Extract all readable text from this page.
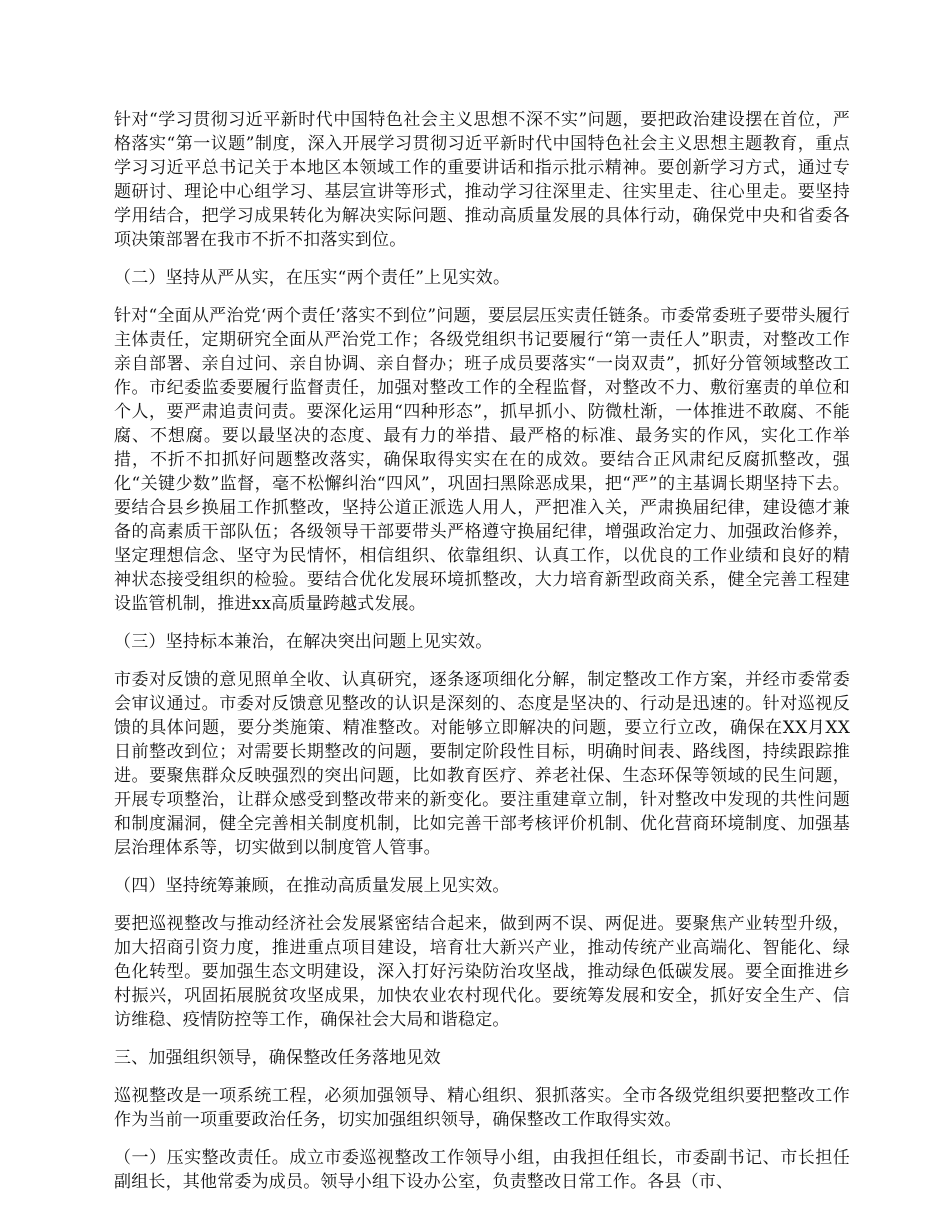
针对“学习贯彻习近平新时代中国特色社会主义思想不深不实”问题，要把政治建设摆在首位，严格落实“第一议题”制度，深入开展学习贯彻习近平新时代中国特色社会主义思想主题教育，重点学习习近平总书记关于本地区本领域工作的重要讲话和指示批示精神。要创新学习方式，通过专题研讨、理论中心组学习、基层宣讲等形式，推动学习往深里走、往实里走、往心里走。要坚持学用结合，把学习成果转化为解决实际问题、推动高质量发展的具体行动，确保党中央和省委各项决策部署在我市不折不扣落实到位。

（二）坚持从严从实，在压实“两个责任”上见实效。

针对“全面从严治党‘两个责任’落实不到位”问题，要层层压实责任链条。市委常委班子要带头履行主体责任，定期研究全面从严治党工作；各级党组织书记要履行“第一责任人”职责，对整改工作亲自部署、亲自过问、亲自协调、亲自督办；班子成员要落实“一岗双责”，抓好分管领域整改工作。市纪委监委要履行监督责任，加强对整改工作的全程监督，对整改不力、敷衍塞责的单位和个人，要严肃追责问责。要深化运用“四种形态”，抓早抓小、防微杜渐，一体推进不敢腐、不能腐、不想腐。要以最坚决的态度、最有力的举措、最严格的标准、最务实的作风，实化工作举措，不折不扣抓好问题整改落实，确保取得实实在在的成效。要结合正风肃纪反腐抓整改，强化“关键少数”监督，毫不松懈纠治“四风”，巩固扫黑除恶成果，把“严”的主基调长期坚持下去。要结合县乡换届工作抓整改，坚持公道正派选人用人，严把准入关，严肃换届纪律，建设德才兼备的高素质干部队伍；各级领导干部要带头严格遵守换届纪律，增强政治定力、加强政治修养，坚定理想信念、坚守为民情怀，相信组织、依靠组织、认真工作，以优良的工作业绩和良好的精神状态接受组织的检验。要结合优化发展环境抓整改，大力培育新型政商关系，健全完善工程建设监管机制，推进xx高质量跨越式发展。

（三）坚持标本兼治，在解决突出问题上见实效。

市委对反馈的意见照单全收、认真研究，逐条逐项细化分解，制定整改工作方案，并经市委常委会审议通过。市委对反馈意见整改的认识是深刻的、态度是坚决的、行动是迅速的。针对巡视反馈的具体问题，要分类施策、精准整改。对能够立即解决的问题，要立行立改，确保在XX月XX日前整改到位；对需要长期整改的问题，要制定阶段性目标，明确时间表、路线图，持续跟踪推进。要聚焦群众反映强烈的突出问题，比如教育医疗、养老社保、生态环保等领域的民生问题，开展专项整治，让群众感受到整改带来的新变化。要注重建章立制，针对整改中发现的共性问题和制度漏洞，健全完善相关制度机制，比如完善干部考核评价机制、优化营商环境制度、加强基层治理体系等，切实做到以制度管人管事。

（四）坚持统筹兼顾，在推动高质量发展上见实效。

要把巡视整改与推动经济社会发展紧密结合起来，做到两不误、两促进。要聚焦产业转型升级，加大招商引资力度，推进重点项目建设，培育壮大新兴产业，推动传统产业高端化、智能化、绿色化转型。要加强生态文明建设，深入打好污染防治攻坚战，推动绿色低碳发展。要全面推进乡村振兴，巩固拓展脱贫攻坚成果，加快农业农村现代化。要统筹发展和安全，抓好安全生产、信访维稳、疫情防控等工作，确保社会大局和谐稳定。

三、加强组织领导，确保整改任务落地见效

巡视整改是一项系统工程，必须加强领导、精心组织、狠抓落实。全市各级党组织要把整改工作作为当前一项重要政治任务，切实加强组织领导，确保整改工作取得实效。

（一）压实整改责任。成立市委巡视整改工作领导小组，由我担任组长，市委副书记、市长担任副组长，其他常委为成员。领导小组下设办公室，负责整改日常工作。各县（市、
